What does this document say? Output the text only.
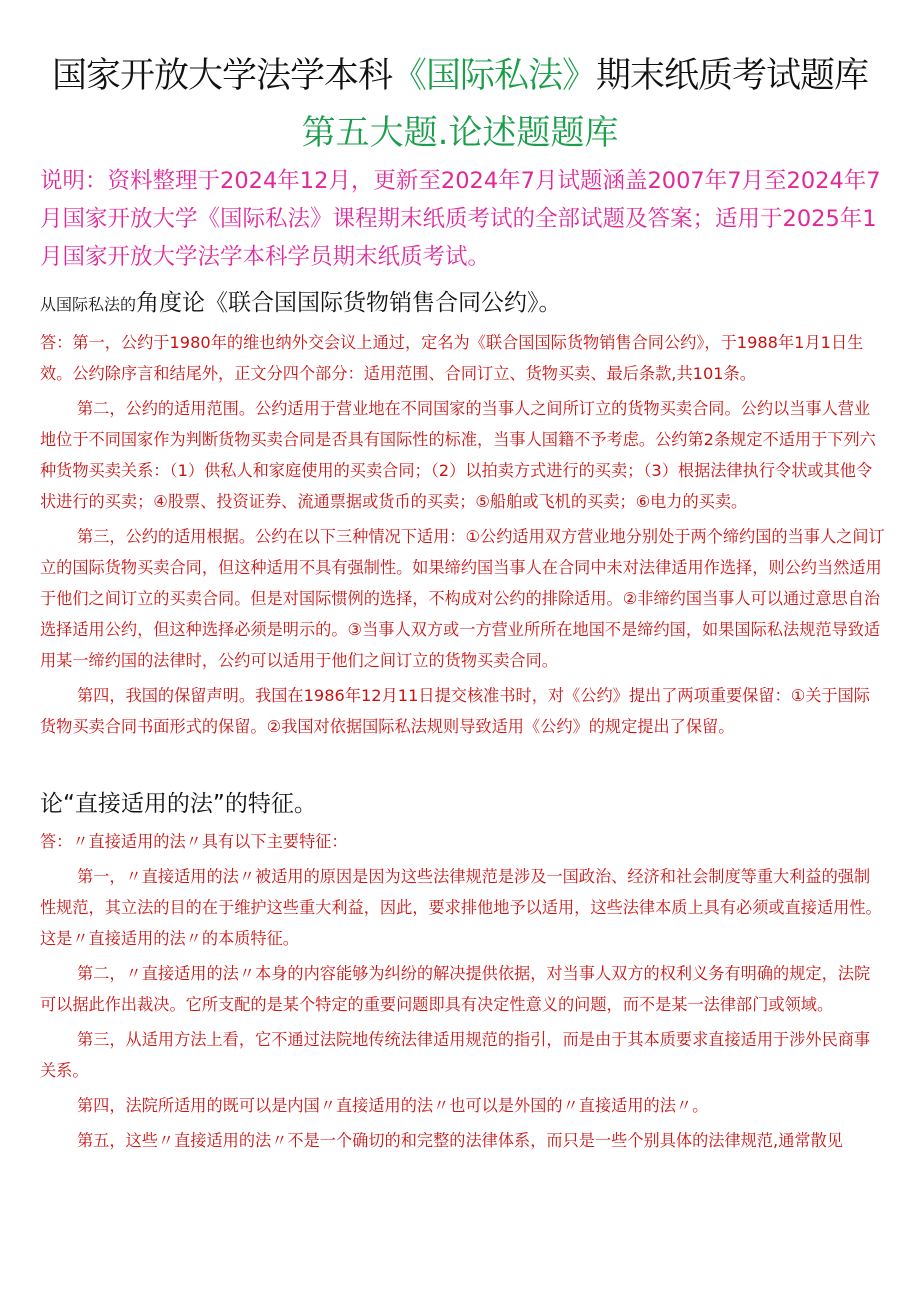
国家开放大学法学本科《国际私法》期末纸质考试题库
第五大题.论述题题库
说明：资料整理于2024年12月，更新至2024年7月试题涵盖2007年7月至2024年7月国家开放大学《国际私法》课程期末纸质考试的全部试题及答案；适用于2025年1月国家开放大学法学本科学员期末纸质考试。
从国际私法的角度论《联合国国际货物销售合同公约》。

答：第一，公约于1980年的维也纳外交会议上通过，定名为《联合国国际货物销售合同公约》，于1988年1月1日生效。公约除序言和结尾外，正文分四个部分：适用范围、合同订立、货物买卖、最后条款,共101条。

第二，公约的适用范围。公约适用于营业地在不同国家的当事人之间所订立的货物买卖合同。公约以当事人营业地位于不同国家作为判断货物买卖合同是否具有国际性的标准，当事人国籍不予考虑。公约第2条规定不适用于下列六种货物买卖关系：（1）供私人和家庭使用的买卖合同；（2）以拍卖方式进行的买卖；（3）根据法律执行令状或其他令状进行的买卖；④股票、投资证券、流通票据或货币的买卖；⑤船舶或飞机的买卖；⑥电力的买卖。

第三，公约的适用根据。公约在以下三种情况下适用：①公约适用双方营业地分别处于两个缔约国的当事人之间订立的国际货物买卖合同，但这种适用不具有强制性。如果缔约国当事人在合同中未对法律适用作选择，则公约当然适用于他们之间订立的买卖合同。但是对国际惯例的选择，不构成对公约的排除适用。②非缔约国当事人可以通过意思自治选择适用公约，但这种选择必须是明示的。③当事人双方或一方营业所所在地国不是缔约国，如果国际私法规范导致适用某一缔约国的法律时，公约可以适用于他们之间订立的货物买卖合同。

第四，我国的保留声明。我国在1986年12月11日提交核准书时，对《公约》提出了两项重要保留：①关于国际货物买卖合同书面形式的保留。②我国对依据国际私法规则导致适用《公约》的规定提出了保留。

论“直接适用的法”的特征。

答：〃直接适用的法〃具有以下主要特征：

第一，〃直接适用的法〃被适用的原因是因为这些法律规范是涉及一国政治、经济和社会制度等重大利益的强制性规范，其立法的目的在于维护这些重大利益，因此，要求排他地予以适用，这些法律本质上具有必须或直接适用性。这是〃直接适用的法〃的本质特征。

第二，〃直接适用的法〃本身的内容能够为纠纷的解决提供依据，对当事人双方的权利义务有明确的规定，法院可以据此作出裁决。它所支配的是某个特定的重要问题即具有决定性意义的问题，而不是某一法律部门或领域。

第三，从适用方法上看，它不通过法院地传统法律适用规范的指引，而是由于其本质要求直接适用于涉外民商事关系。

第四，法院所适用的既可以是内国〃直接适用的法〃也可以是外国的〃直接适用的法〃。

第五，这些〃直接适用的法〃不是一个确切的和完整的法律体系，而只是一些个别具体的法律规范,通常散见
